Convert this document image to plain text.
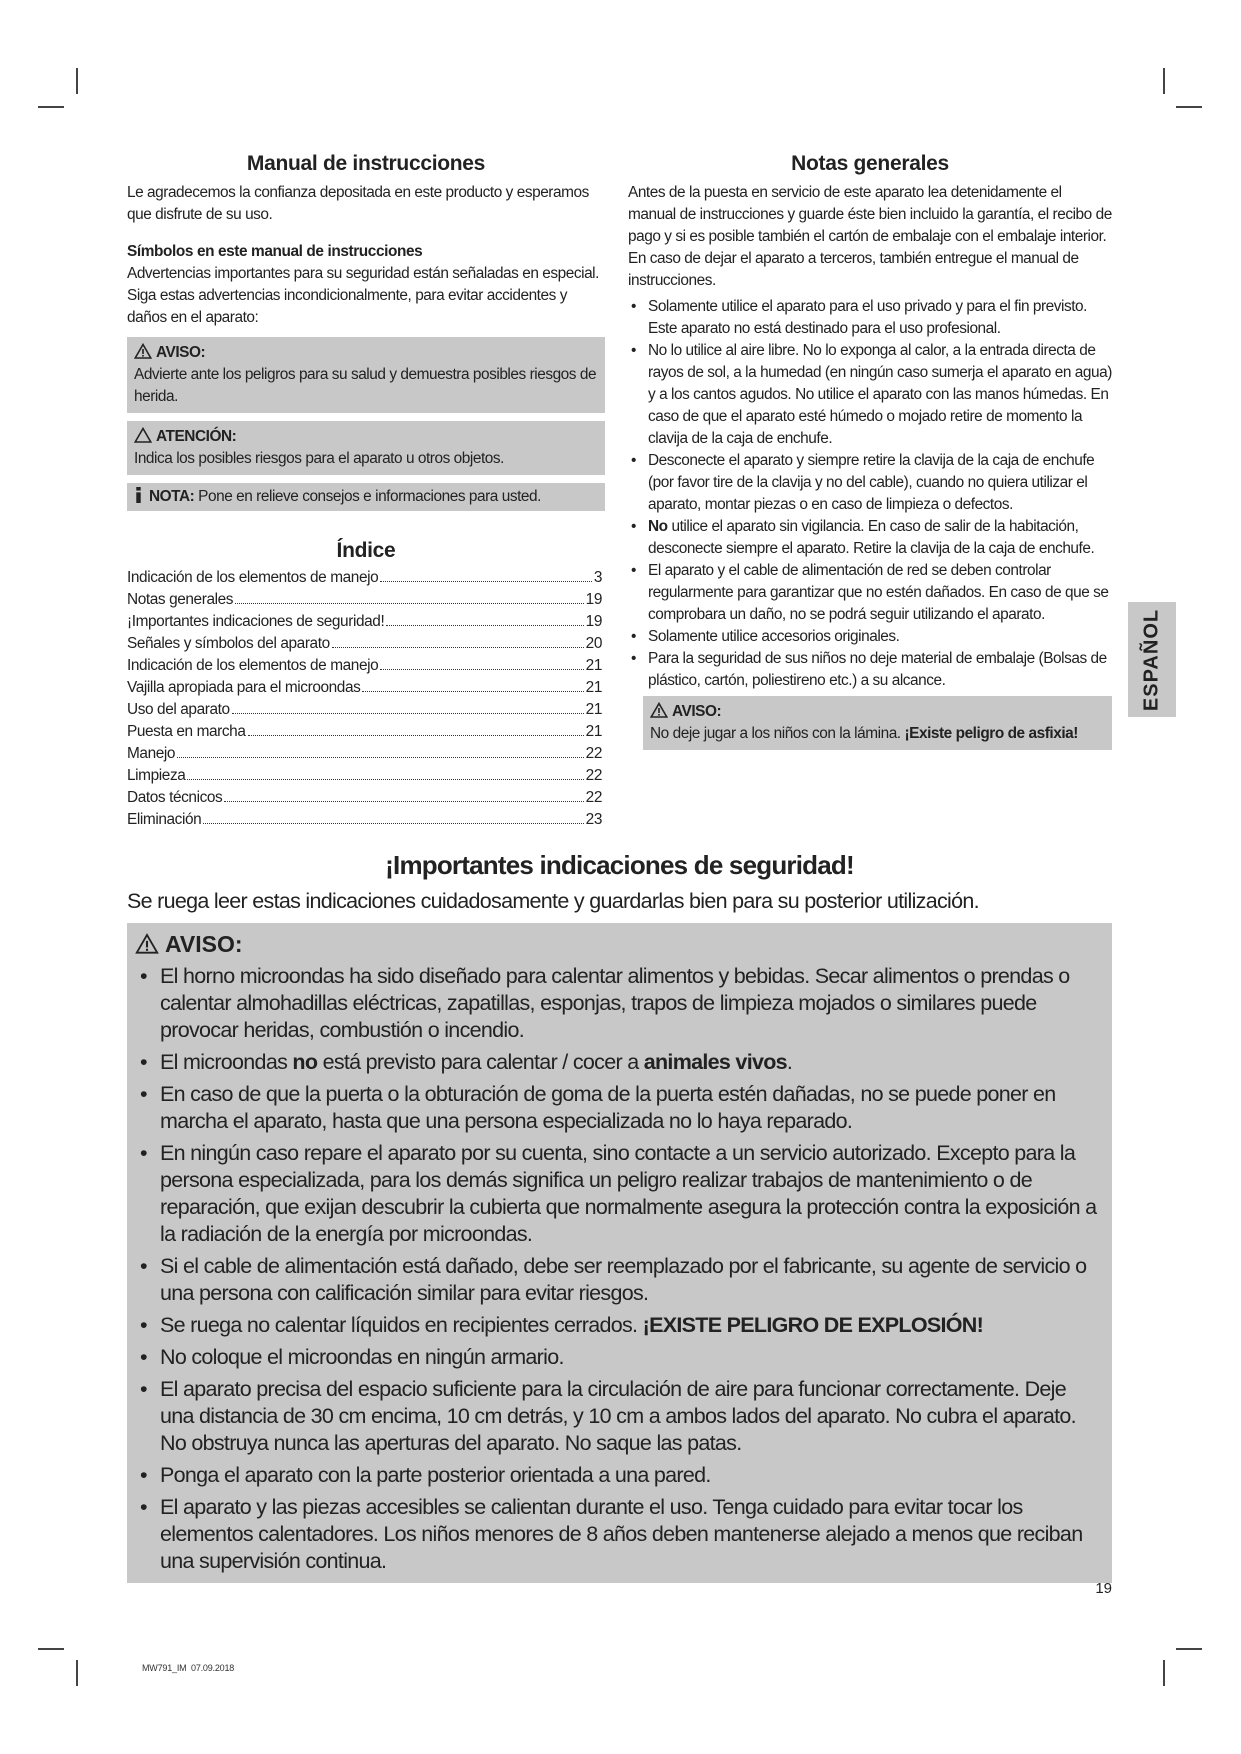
Manual de instrucciones

Le agradecemos la confianza depositada en este producto y esperamos que disfrute de su uso.

Símbolos en este manual de instrucciones

Advertencias importantes para su seguridad están señaladas en especial. Siga estas advertencias incondicionalmente, para evitar accidentes y daños en el aparato:

AVISO:
Advierte ante los peligros para su salud y demuestra posibles riesgos de herida.
ATENCIÓN:
Indica los posibles riesgos para el aparato u otros objetos.
NOTA: Pone en relieve consejos e informaciones para usted.
Índice
Indicación de los elementos de manejo	3
Notas generales	19
¡Importantes indicaciones de seguridad!	19
Señales y símbolos del aparato	20
Indicación de los elementos de manejo	21
Vajilla apropiada para el microondas	21
Uso del aparato	21
Puesta en marcha	21
Manejo	22
Limpieza	22
Datos técnicos	22
Eliminación	23
Notas generales

Antes de la puesta en servicio de este aparato lea detenidamente el manual de instrucciones y guarde éste bien incluido la garantía, el recibo de pago y si es posible también el cartón de embalaje con el embalaje interior. En caso de dejar el aparato a terceros, también entregue el manual de instrucciones.

• Solamente utilice el aparato para el uso privado y para el fin previsto. Este aparato no está destinado para el uso profesional.
• No lo utilice al aire libre. No lo exponga al calor, a la entrada directa de rayos de sol, a la humedad (en ningún caso sumerja el aparato en agua) y a los cantos agudos. No utilice el aparato con las manos húmedas. En caso de que el aparato esté húmedo o mojado retire de momento la clavija de la caja de enchufe.
• Desconecte el aparato y siempre retire la clavija de la caja de enchufe (por favor tire de la clavija y no del cable), cuando no quiera utilizar el aparato, montar piezas o en caso de limpieza o defectos.
• No utilice el aparato sin vigilancia. En caso de salir de la habitación, desconecte siempre el aparato. Retire la clavija de la caja de enchufe.
• El aparato y el cable de alimentación de red se deben controlar regularmente para garantizar que no estén dañados. En caso de que se comprobara un daño, no se podrá seguir utilizando el aparato.
• Solamente utilice accesorios originales.
• Para la seguridad de sus niños no deje material de embalaje (Bolsas de plástico, cartón, poliestireno etc.) a su alcance.
AVISO:
No deje jugar a los niños con la lámina. ¡Existe peligro de asfixia!
ESPAÑOL
¡Importantes indicaciones de seguridad!

Se ruega leer estas indicaciones cuidadosamente y guardarlas bien para su posterior utilización.

AVISO:
• El horno microondas ha sido diseñado para calentar alimentos y bebidas. Secar alimentos o prendas o calentar almohadillas eléctricas, zapatillas, esponjas, trapos de limpieza mojados o similares puede provocar heridas, combustión o incendio.
• El microondas no está previsto para calentar / cocer a animales vivos.
• En caso de que la puerta o la obturación de goma de la puerta estén dañadas, no se puede poner en marcha el aparato, hasta que una persona especializada no lo haya reparado.
• En ningún caso repare el aparato por su cuenta, sino contacte a un servicio autorizado. Excepto para la persona especializada, para los demás significa un peligro realizar trabajos de mantenimiento o de reparación, que exijan descubrir la cubierta que normalmente asegura la protección contra la exposición a la radiación de la energía por microondas.
• Si el cable de alimentación está dañado, debe ser reemplazado por el fabricante, su agente de servicio o una persona con calificación similar para evitar riesgos.
• Se ruega no calentar líquidos en recipientes cerrados. ¡EXISTE PELIGRO DE EXPLOSIÓN!
• No coloque el microondas en ningún armario.
• El aparato precisa del espacio suficiente para la circulación de aire para funcionar correctamente. Deje una distancia de 30 cm encima, 10 cm detrás, y 10 cm a ambos lados del aparato. No cubra el aparato. No obstruya nunca las aperturas del aparato. No saque las patas.
• Ponga el aparato con la parte posterior orientada a una pared.
• El aparato y las piezas accesibles se calientan durante el uso. Tenga cuidado para evitar tocar los elementos calentadores. Los niños menores de 8 años deben mantenerse alejado a menos que reciban una supervisión continua.
19
MW791_IM  07.09.2018
